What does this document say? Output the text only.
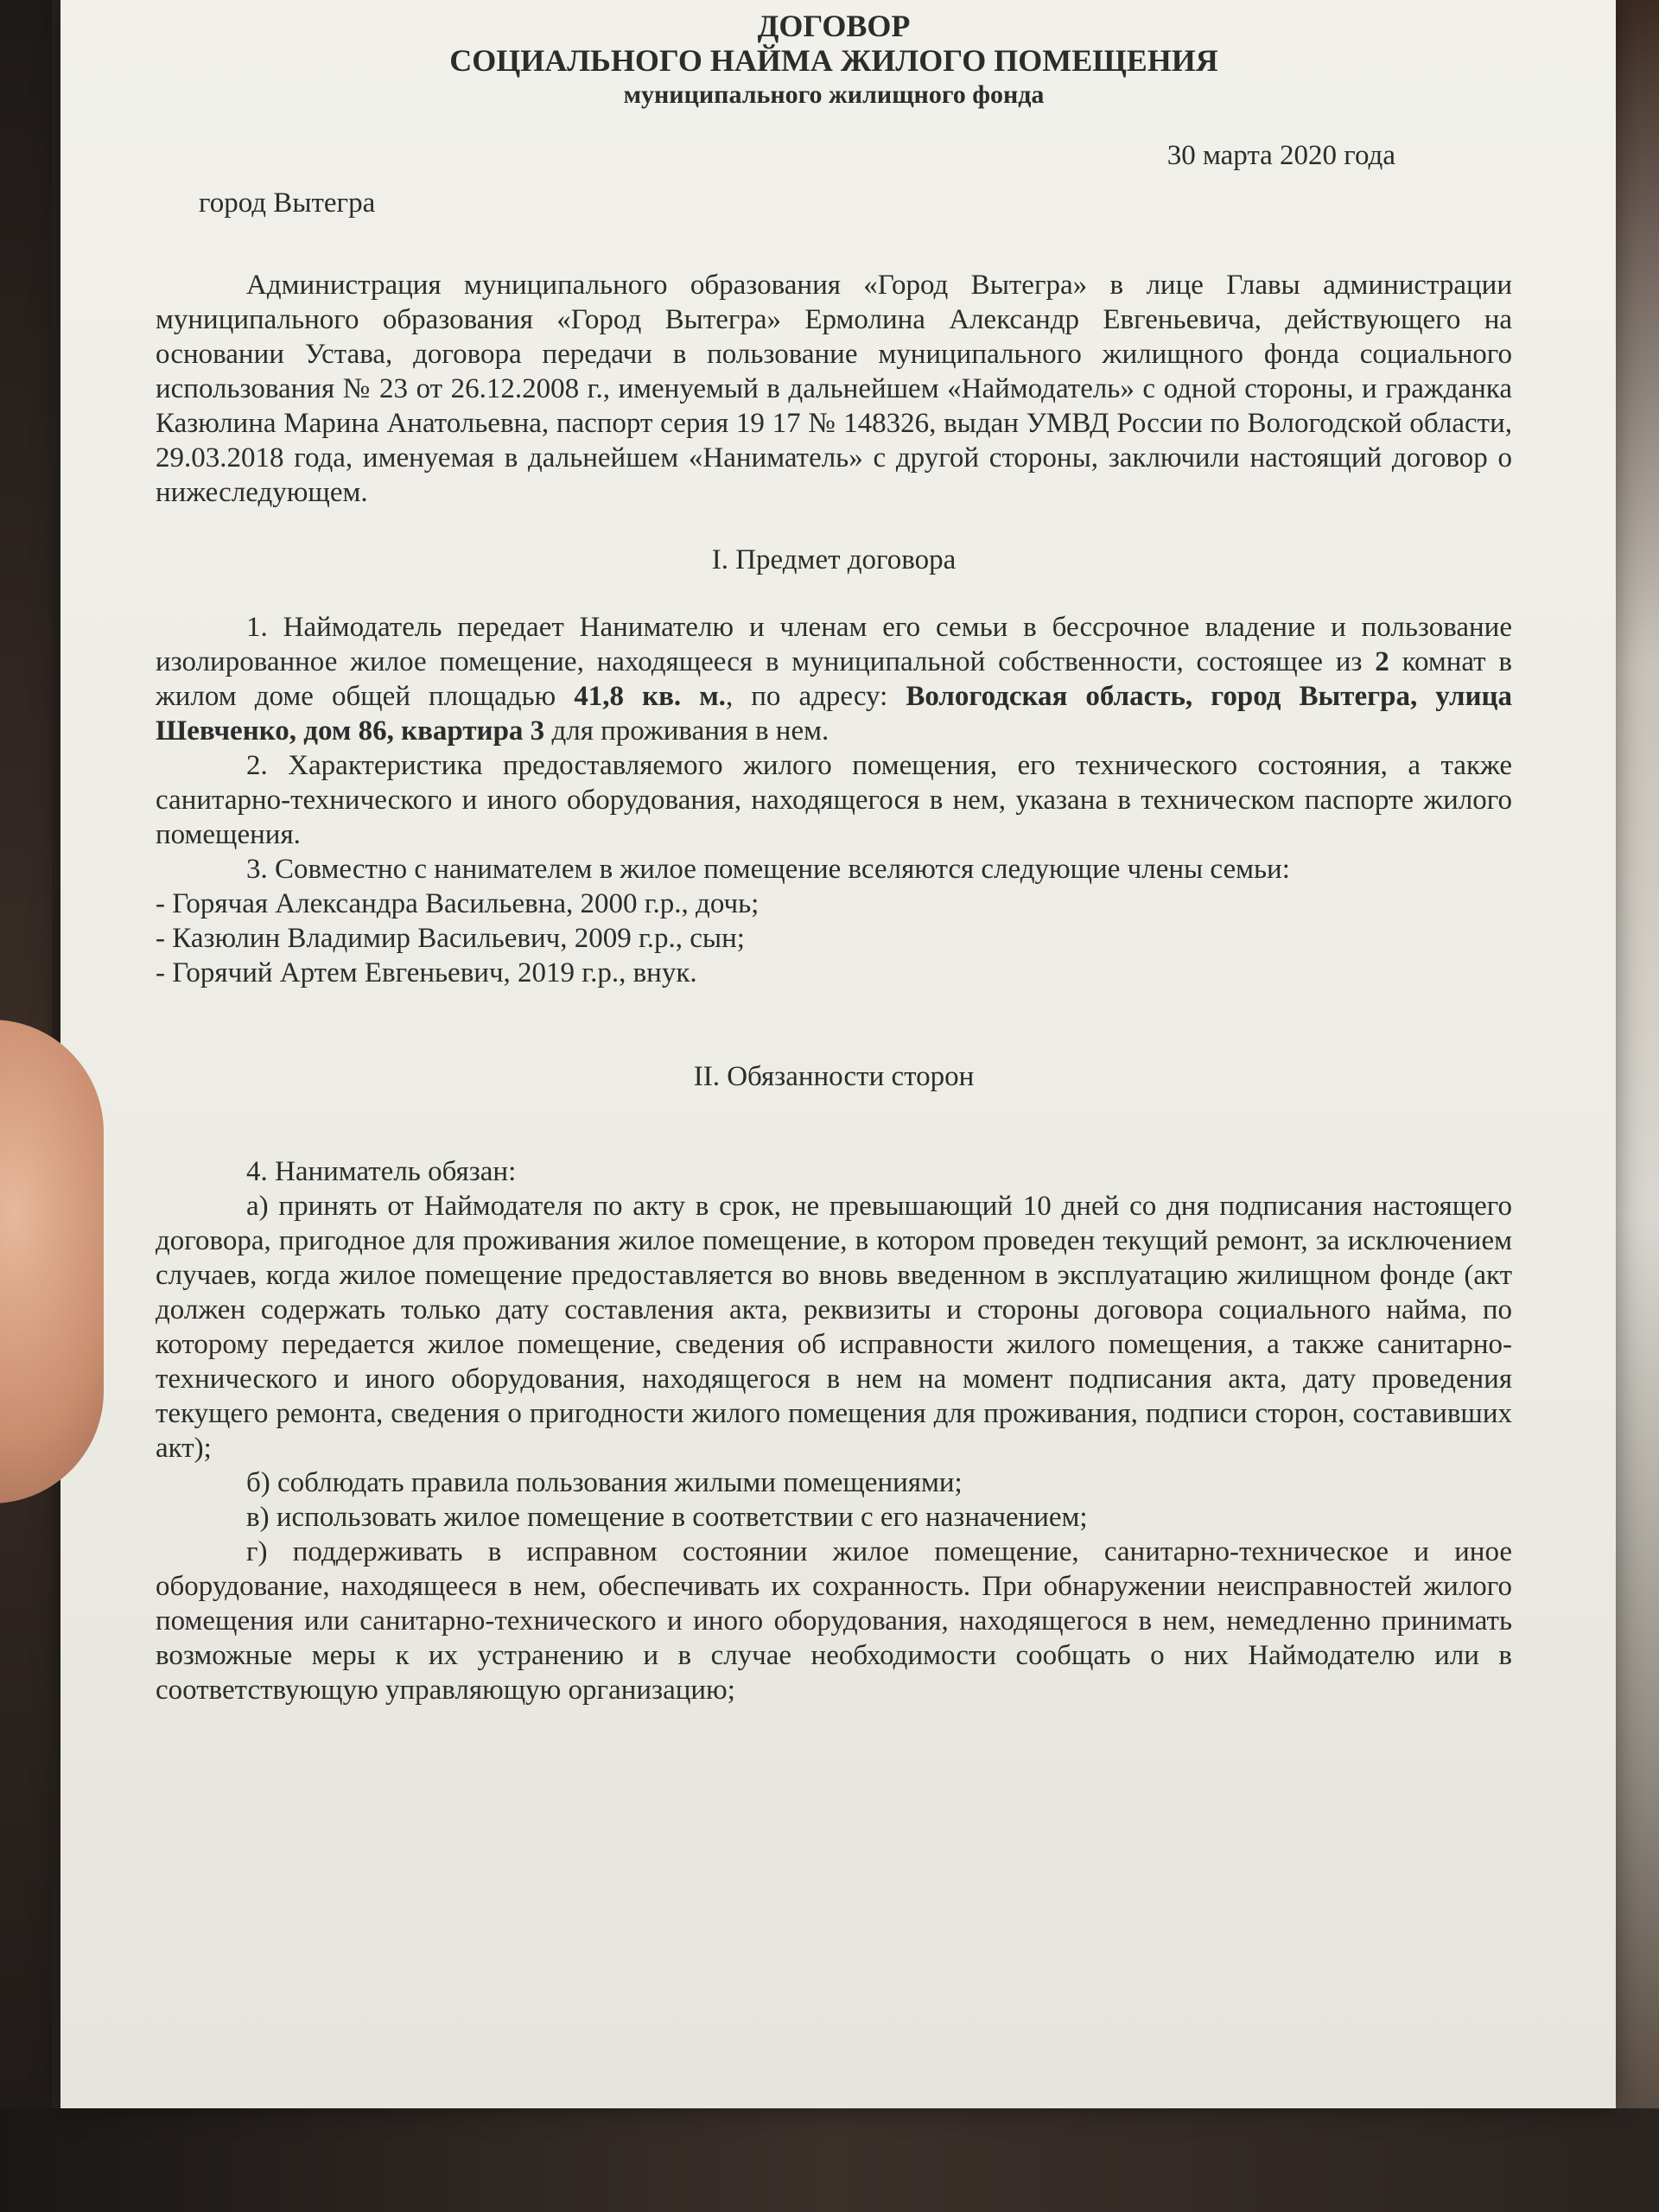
ДОГОВОР
СОЦИАЛЬНОГО НАЙМА ЖИЛОГО ПОМЕЩЕНИЯ
муниципального жилищного фонда
30 марта 2020 года
город Вытегра

Администрация муниципального образования «Город Вытегра» в лице Главы администрации муниципального образования «Город Вытегра» Ермолина Александр Евгеньевича, действующего на основании Устава, договора передачи в пользование муниципального жилищного фонда социального использования № 23 от 26.12.2008 г., именуемый в дальнейшем «Наймодатель» с одной стороны, и гражданка Казюлина Марина Анатольевна, паспорт серия 19 17 № 148326, выдан УМВД России по Вологодской области, 29.03.2018 года, именуемая в дальнейшем «Наниматель» с другой стороны, заключили настоящий договор о нижеследующем.

I. Предмет договора

1. Наймодатель передает Нанимателю и членам его семьи в бессрочное владение и пользование изолированное жилое помещение, находящееся в муниципальной собственности, состоящее из 2 комнат в жилом доме общей площадью 41,8 кв. м., по адресу: Вологодская область, город Вытегра, улица Шевченко, дом 86, квартира 3 для проживания в нем.

2. Характеристика предоставляемого жилого помещения, его технического состояния, а также санитарно-технического и иного оборудования, находящегося в нем, указана в техническом паспорте жилого помещения.

3. Совместно с нанимателем в жилое помещение вселяются следующие члены семьи:

- Горячая Александра Васильевна, 2000 г.р., дочь;

- Казюлин Владимир Васильевич, 2009 г.р., сын;

- Горячий Артем Евгеньевич, 2019 г.р., внук.

II. Обязанности сторон

4. Наниматель обязан:

а) принять от Наймодателя по акту в срок, не превышающий 10 дней со дня подписания настоящего договора, пригодное для проживания жилое помещение, в котором проведен текущий ремонт, за исключением случаев, когда жилое помещение предоставляется во вновь введенном в эксплуатацию жилищном фонде (акт должен содержать только дату составления акта, реквизиты и стороны договора социального найма, по которому передается жилое помещение, сведения об исправности жилого помещения, а также санитарно-технического и иного оборудования, находящегося в нем на момент подписания акта, дату проведения текущего ремонта, сведения о пригодности жилого помещения для проживания, подписи сторон, составивших акт);

б) соблюдать правила пользования жилыми помещениями;

в) использовать жилое помещение в соответствии с его назначением;

г) поддерживать в исправном состоянии жилое помещение, санитарно-техническое и иное оборудование, находящееся в нем, обеспечивать их сохранность. При обнаружении неисправностей жилого помещения или санитарно-технического и иного оборудования, находящегося в нем, немедленно принимать возможные меры к их устранению и в случае необходимости сообщать о них Наймодателю или в соответствующую управляющую организацию;
